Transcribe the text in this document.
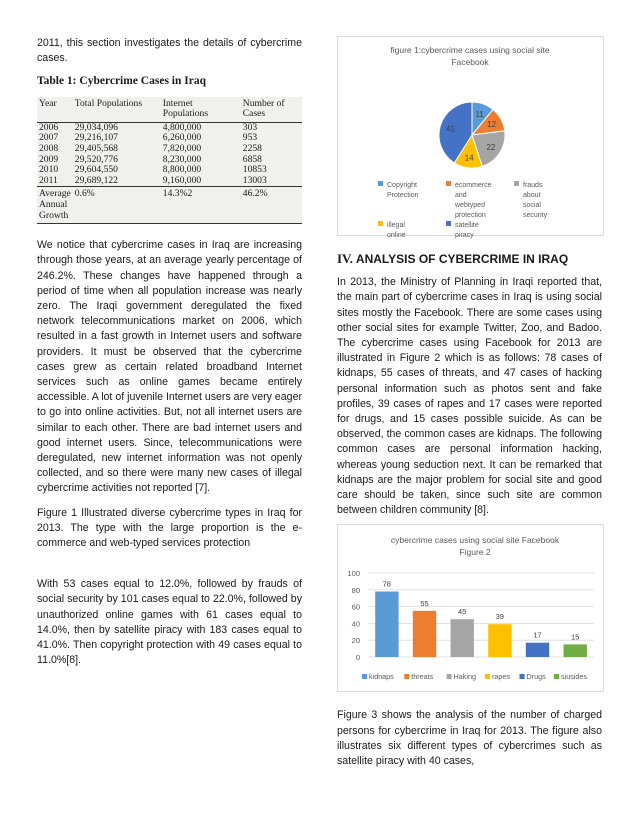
2011, this section investigates the details of cybercrime cases.

Table 1: Cybercrime Cases in Iraq
Year	Total Populations	Internet Populations	Number of Cases
2006	29,034,096	4,800,000	303
2007	29,216,107	6,260,000	953
2008	29,405,568	7,820,000	2258
2009	29,520,776	8,230,000	6858
2010	29,604,550	8,800,000	10853
2011	29,689,122	9,160,000	13003
Average Annual Growth	0.6%	14.3%2	46.2%

We notice that cybercrime cases in Iraq are increasing through those years, at an average yearly percentage of 246.2%. These changes have happened through a period of time when all population increase was nearly zero. The Iraqi government deregulated the fixed network telecommunications market on 2006, which resulted in a fast growth in Internet users and software providers. It must be observed that the cybercrime cases grew as certain related broadband Internet services such as online games became entirely accessible. A lot of juvenile Internet users are very eager to go into online activities. But, not all internet users are similar to each other. There are bad internet users and good internet users. Since, telecommunications were deregulated, new internet information was not openly collected, and so there were many new cases of illegal cybercrime activities not reported [7].

Figure 1 Illustrated diverse cybercrime types in Iraq for 2013. The type with the large proportion is the e-commerce and web-typed services protection

With 53 cases equal to 12.0%, followed by frauds of social security by 101 cases equal to 22.0%, followed by unauthorized online games with 61 cases equal to 14.0%, then by satellite piracy with 183 cases equal to 41.0%. Then copyright protection with 49 cases equal to 11.0%[8].

figure 1:cybercrime cases using social site Facebook
11
12
22
14
41
Copyright Protection
ecommerce and webtyped protection
frauds about social security
illegal online
satellite piracy
IV. ANALYSIS OF CYBERCRIME IN IRAQ

In 2013, the Ministry of Planning in Iraqi reported that, the main part of cybercrime cases in Iraq is using social sites mostly the Facebook. There are some cases using other social sites for example Twitter, Zoo, and Badoo. The cybercrime cases using Facebook for 2013 are illustrated in Figure 2 which is as follows: 78 cases of kidnaps, 55 cases of threats, and 47 cases of hacking personal information such as photos sent and fake profiles, 39 cases of rapes and 17 cases were reported for drugs, and 15 cases possible suicide. As can be observed, the common cases are kidnaps. The following common cases are personal information hacking, whereas young seduction next. It can be remarked that kidnaps are the major problem for social site and good care should be taken, since such site are common between children community [8].

cybercrime cases using social site Facebook Figure 2
0
20
40
60
80
100
78
55
45
39
17	15
kidnaps threats	Haking rapes Drugs siusides

Figure 3 shows the analysis of the number of charged persons for cybercrime in Iraq for 2013. The figure also illustrates six different types of cybercrimes such as satellite piracy with 40 cases,
